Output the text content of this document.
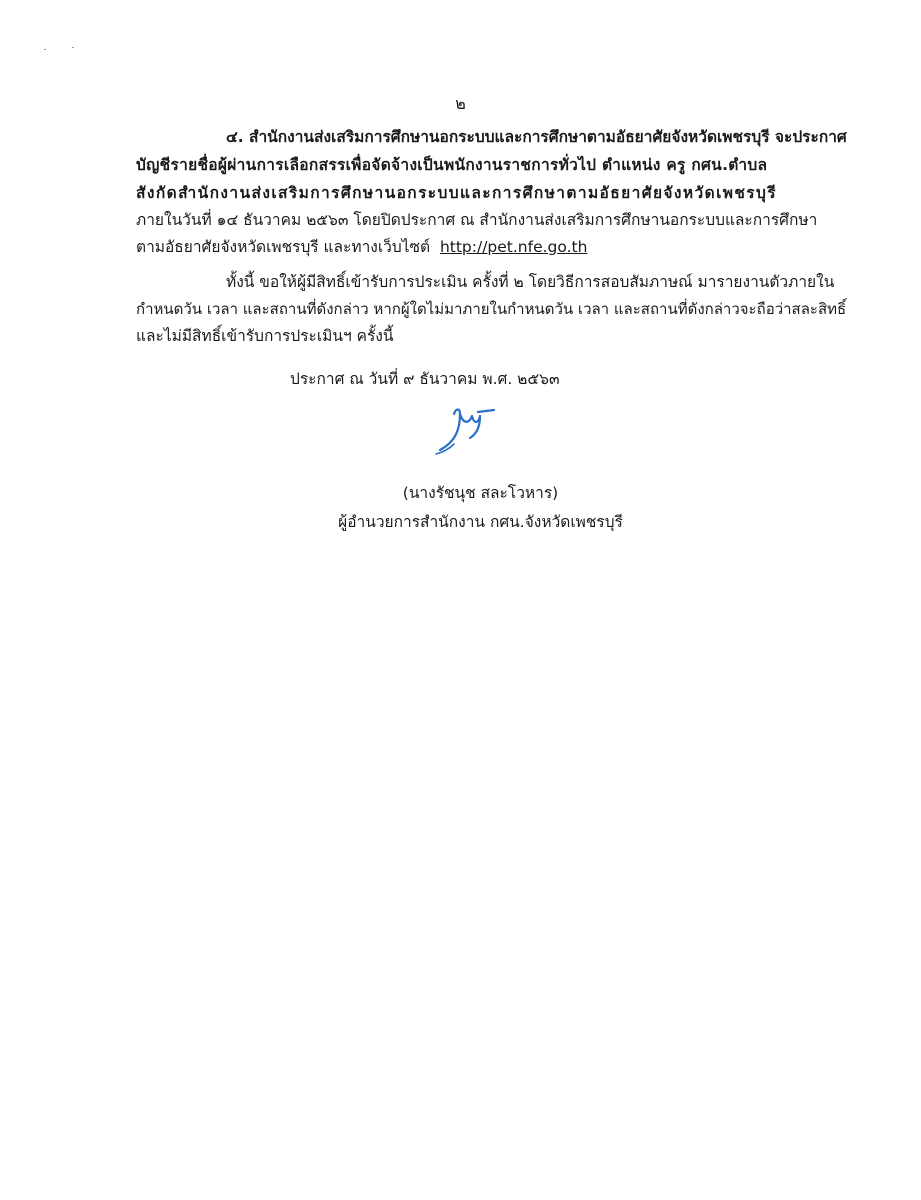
๒
๔. สำนักงานส่งเสริมการศึกษานอกระบบและการศึกษาตามอัธยาศัยจังหวัดเพชรบุรี จะประกาศ
บัญชีรายชื่อผู้ผ่านการเลือกสรรเพื่อจัดจ้างเป็นพนักงานราชการทั่วไป ตำแหน่ง ครู กศน.ตำบล
สังกัดสำนักงานส่งเสริมการศึกษานอกระบบและการศึกษาตามอัธยาศัยจังหวัดเพชรบุรี
ภายในวันที่ ๑๔ ธันวาคม ๒๕๖๓ โดยปิดประกาศ ณ สำนักงานส่งเสริมการศึกษานอกระบบและการศึกษา
ตามอัธยาศัยจังหวัดเพชรบุรี และทางเว็บไซต์ http://pet.nfe.go.th
ทั้งนี้ ขอให้ผู้มีสิทธิ์เข้ารับการประเมิน ครั้งที่ ๒ โดยวิธีการสอบสัมภาษณ์ มารายงานตัวภายใน
กำหนดวัน เวลา และสถานที่ดังกล่าว หากผู้ใดไม่มาภายในกำหนดวัน เวลา และสถานที่ดังกล่าวจะถือว่าสละสิทธิ์
และไม่มีสิทธิ์เข้ารับการประเมินฯ ครั้งนี้
ประกาศ ณ วันที่ ๙ ธันวาคม พ.ศ. ๒๕๖๓
(นางรัชนุช สละโวหาร)
ผู้อำนวยการสำนักงาน กศน.จังหวัดเพชรบุรี
